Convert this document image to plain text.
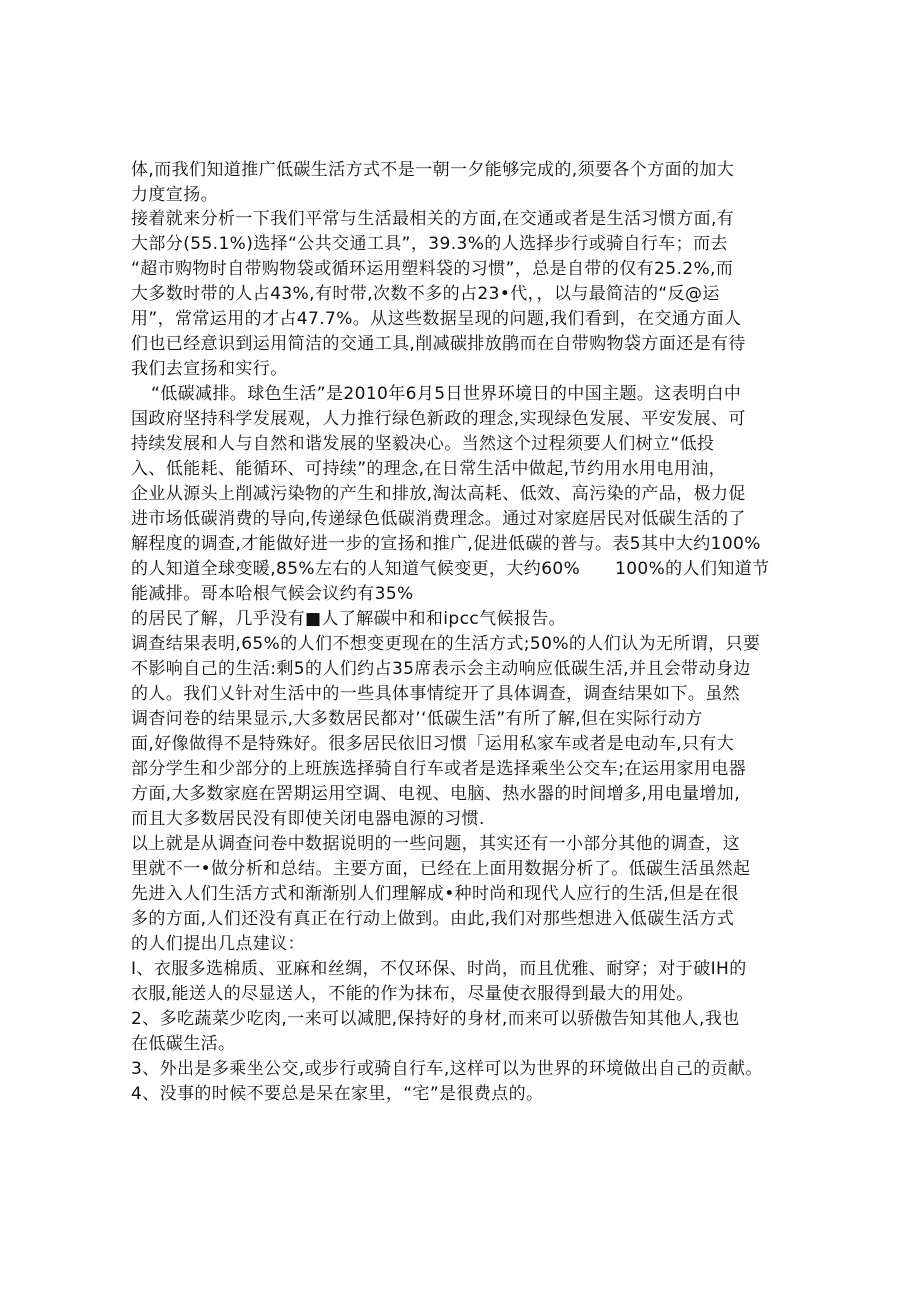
体,而我们知道推广低碳生活方式不是一朝一夕能够完成的,须要各个方面的加大
力度宣扬。
接着就来分析一下我们平常与生活最相关的方面,在交通或者是生活习惯方面,有
大部分(55.1%)选择“公共交通工具”，39.3%的人选择步行或骑自行车；而去
“超市购物时自带购物袋或循环运用塑料袋的习惯”，总是自带的仅有25.2%,而
大多数时带的人占43%,有时带,次数不多的占23•代，，以与最简洁的“反@运
用”，常常运用的才占47.7%。从这些数据呈现的问题,我们看到，在交通方面人
们也已经意识到运用简洁的交通工具,削减碳排放鹃而在自带购物袋方面还是有待
我们去宣扬和实行。
“低碳减排。球色生活”是2010年6月5日世界环境日的中国主题。这表明白中
国政府坚持科学发展观，人力推行绿色新政的理念,实现绿色发展、平安发展、可
持续发展和人与自然和谐发展的坚毅决心。当然这个过程须要人们树立“低投
入、低能耗、能循环、可持续”的理念,在日常生活中做起,节约用水用电用油，
企业从源头上削减污染物的产生和排放,淘汰高耗、低效、高污染的产品，极力促
进市场低碳消费的导向,传递绿色低碳消费理念。通过对家庭居民对低碳生活的了
解程度的调查,才能做好进一步的宣扬和推广,促进低碳的普与。表5其中大约100%
的人知道全球变暖,85%左右的人知道气候变更，大约60%　　100%的人们知道节
能减排。哥本哈根气候会议约有35%
的居民了解，几乎没有■人了解碳中和和ipcc气候报告。
调查结果表明,65%的人们不想变更现在的生活方式;50%的人们认为无所谓，只要
不影响自己的生活:剩5的人们约占35席表示会主动响应低碳生活,并且会带动身边
的人。我们乂针对生活中的一些具体事情绽开了具体调查，调查结果如下。虽然
调杳问卷的结果显示,大多数居民都对’‘低碳生活”有所了解,但在实际行动方
面,好像做得不是特殊好。很多居民依旧习惯「运用私家车或者是电动车,只有大
部分学生和少部分的上班族选择骑自行车或者是选择乘坐公交车;在运用家用电器
方面,大多数家庭在罟期运用空调、电视、电脑、热水器的时间增多,用电量增加,
而且大多数居民没有即使关闭电器电源的习惯.
以上就是从调查问卷中数据说明的一些问题，其实还有一小部分其他的调查，这
里就不一•做分析和总结。主要方面，已经在上面用数据分析了。低碳生活虽然起
先进入人们生活方式和渐渐别人们理解成•种时尚和现代人应行的生活,但是在很
多的方面,人们还没有真正在行动上做到。由此,我们对那些想进入低碳生活方式
的人们提出几点建议：
I、衣服多选棉质、亚麻和丝绸，不仅环保、时尚，而且优雅、耐穿；对于破IH的
衣服,能送人的尽显送人，不能的作为抹布，尽量使衣服得到最大的用处。
2、多吃蔬菜少吃肉,一来可以减肥,保持好的身材,而来可以骄傲告知其他人,我也
在低碳生活。
3、外出是多乘坐公交,或步行或骑自行车,这样可以为世界的环境做出自己的贡献。
4、没事的时候不要总是呆在家里，“宅”是很费点的。
